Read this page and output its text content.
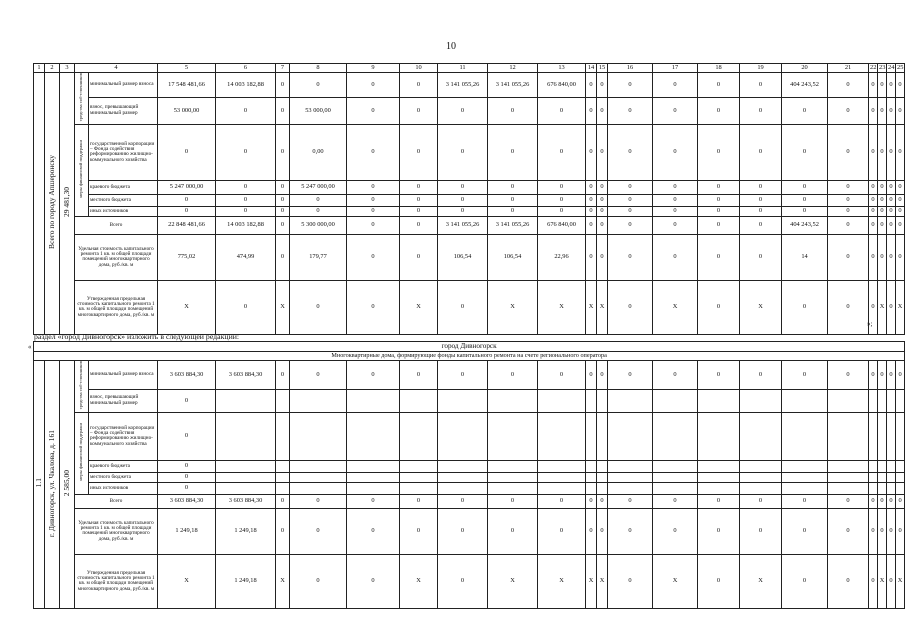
10
1	2	3	4		5	6	7	8	9	10	11	12	13	14	15	16	17	18	19	20	21	22	23	24	25
	Всего по городу Апшеронску	29 481,30	средства соб-ственников	минимальный размер взноса	17 548 481,66	14 003 182,88	0	0	0	0	3 141 055,26	3 141 055,26	676 840,00	0	0	0	0	0	0	404 243,52	0	0	0	0	0
				взнос, превышающий минимальный размер	53 000,00	0	0	53 000,00	0	0	0	0	0	0	0	0	0	0	0	0	0	0	0	0	0
			меры финансовой поддержки	государственной корпорации – Фонда содействия реформированию жилищно-коммунального хозяйства	0	0	0	0,00	0	0	0	0	0	0	0	0	0	0	0	0	0	0	0	0	0
				краевого бюджета	5 247 000,00	0	0	5 247 000,00	0	0	0	0	0	0	0	0	0	0	0	0	0	0	0	0	0
				местного бюджета	0	0	0	0	0	0	0	0	0	0	0	0	0	0	0	0	0	0	0	0	0
				иных источников	0	0	0	0	0	0	0	0	0	0	0	0	0	0	0	0	0	0	0	0	0
			Всего		22 848 481,66	14 003 182,88	0	5 300 000,00	0	0	3 141 055,26	3 141 055,26	676 840,00	0	0	0	0	0	0	404 243,52	0	0	0	0	0
			Удельная стоимость капитального ремонта 1 кв. м общей площади помещений многоквартирного дома, руб./кв. м		775,02	474,99	0	179,77	0	0	106,54	106,54	22,96	0	0	0	0	0	0	14	0	0	0	0	0
			Утвержденная предельная стоимость капитального ремонта 1 кв. м общей площади помещений многоквартирного дома, руб./кв. м		X	0	X	0	0	X	0	X	X	X	X	0	X	0	X	0	0	0	X	0	X
»;
раздел «город Дивногорск» изложить в следующей редакции:
«	город Дивногорск																									
Многоквартирные дома, формирующие фонды капитального ремонта на счете регионального оператора																									
1.1	г. Дивногорск, ул. Чкалова, д. 161	2 585,00	средства соб-ственников	минимальный размер взноса	3 603 884,30	3 603 884,30	0	0	0	0	0	0	0	0	0	0	0	0	0	0	0	0	0	0	0
				взнос, превышающий минимальный размер	0																				
			меры финансовой поддержки	государственной корпорации – Фонда содействия реформированию жилищно-коммунального хозяйства	0																				
				краевого бюджета	0																				
				местного бюджета	0																				
				иных источников	0																				
			Всего		3 603 884,30	3 603 884,30	0	0	0	0	0	0	0	0	0	0	0	0	0	0	0	0	0	0	0
			Удельная стоимость капитального ремонта 1 кв. м общей площади помещений многоквартирного дома, руб./кв. м		1 249,18	1 249,18	0	0	0	0	0	0	0	0	0	0	0	0	0	0	0	0	0	0	0
			Утвержденная предельная стоимость капитального ремонта 1 кв. м общей площади помещений многоквартирного дома, руб./кв. м		X	1 249,18	X	0	0	X	0	X	X	X	X	0	X	0	X	0	0	0	X	0	X
